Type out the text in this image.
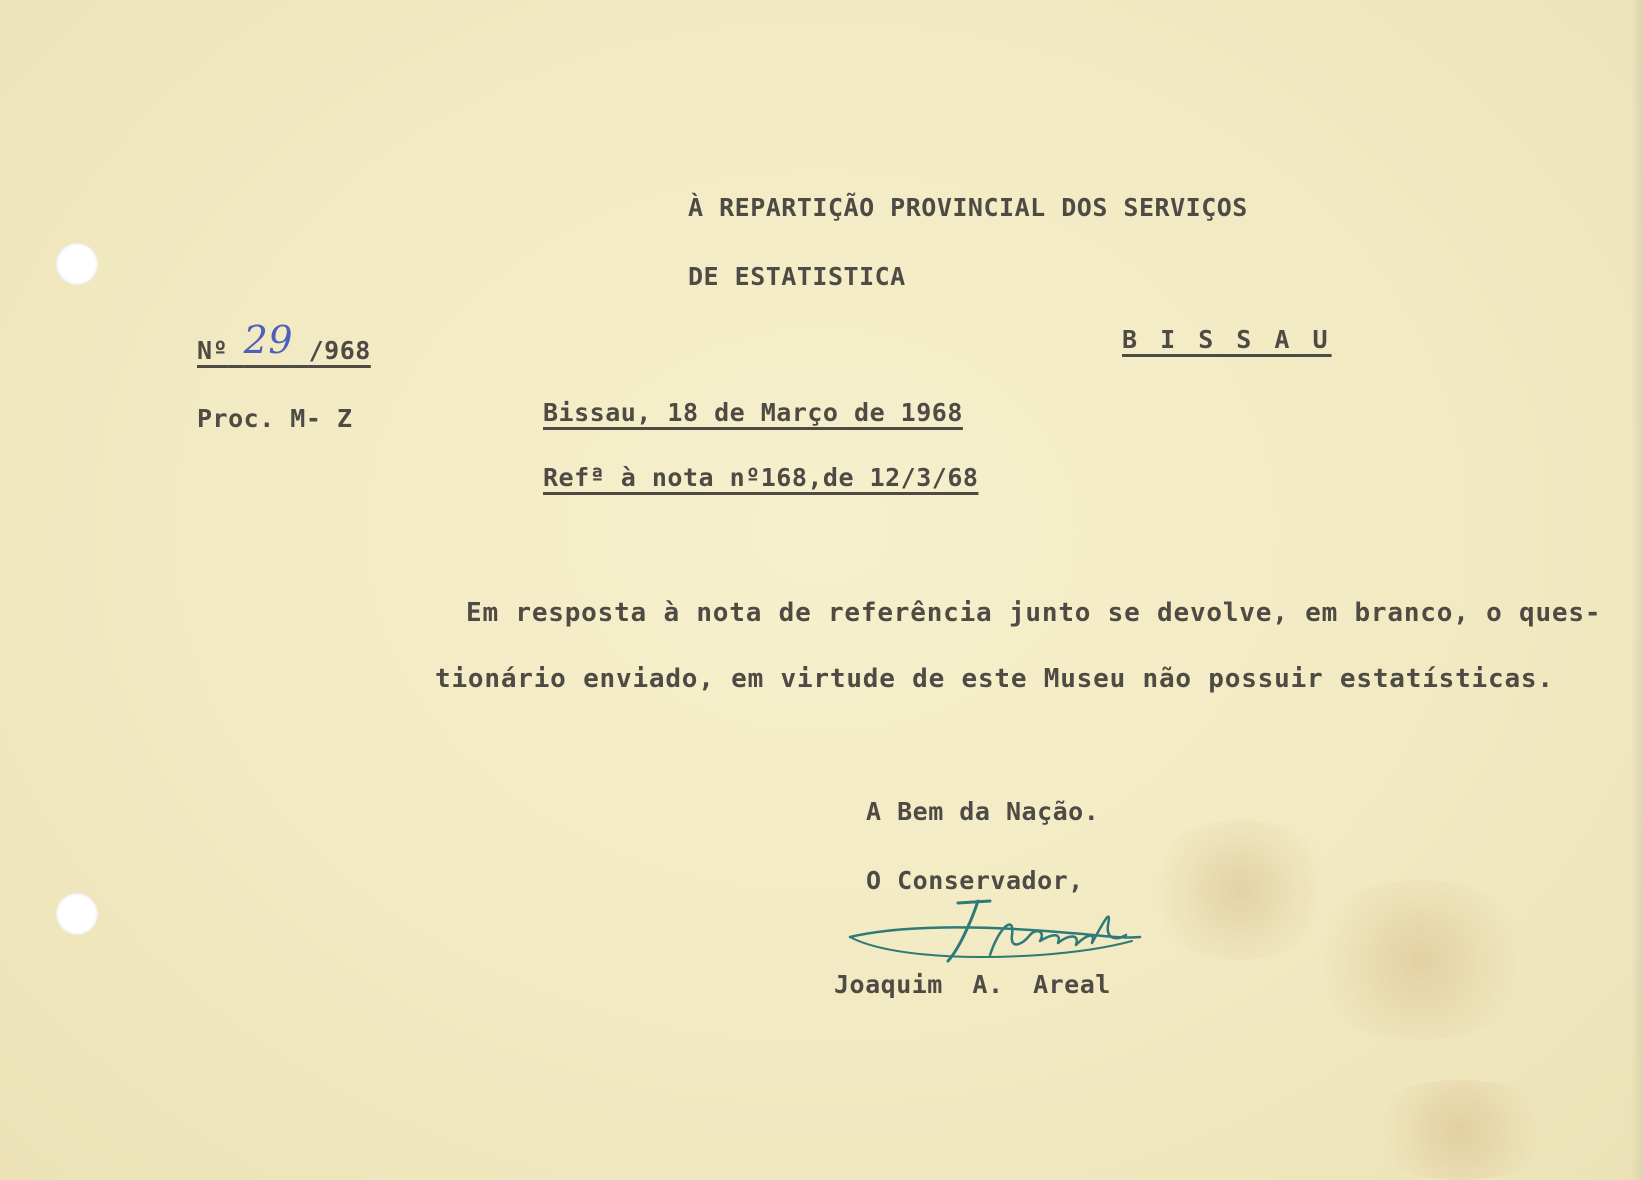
À REPARTIÇÃO PROVINCIAL DOS SERVIÇOS
DE ESTATISTICA
Nº 29 /968	B I S S A U
Proc. M- Z	Bissau, 18 de Março de 1968
Refª à nota nº168,de 12/3/68
Em resposta à nota de referência junto se devolve, em branco, o ques-
tionário enviado, em virtude de este Museu não possuir estatísticas.
A Bem da Nação.
O Conservador,
Joaquim A. Areal
